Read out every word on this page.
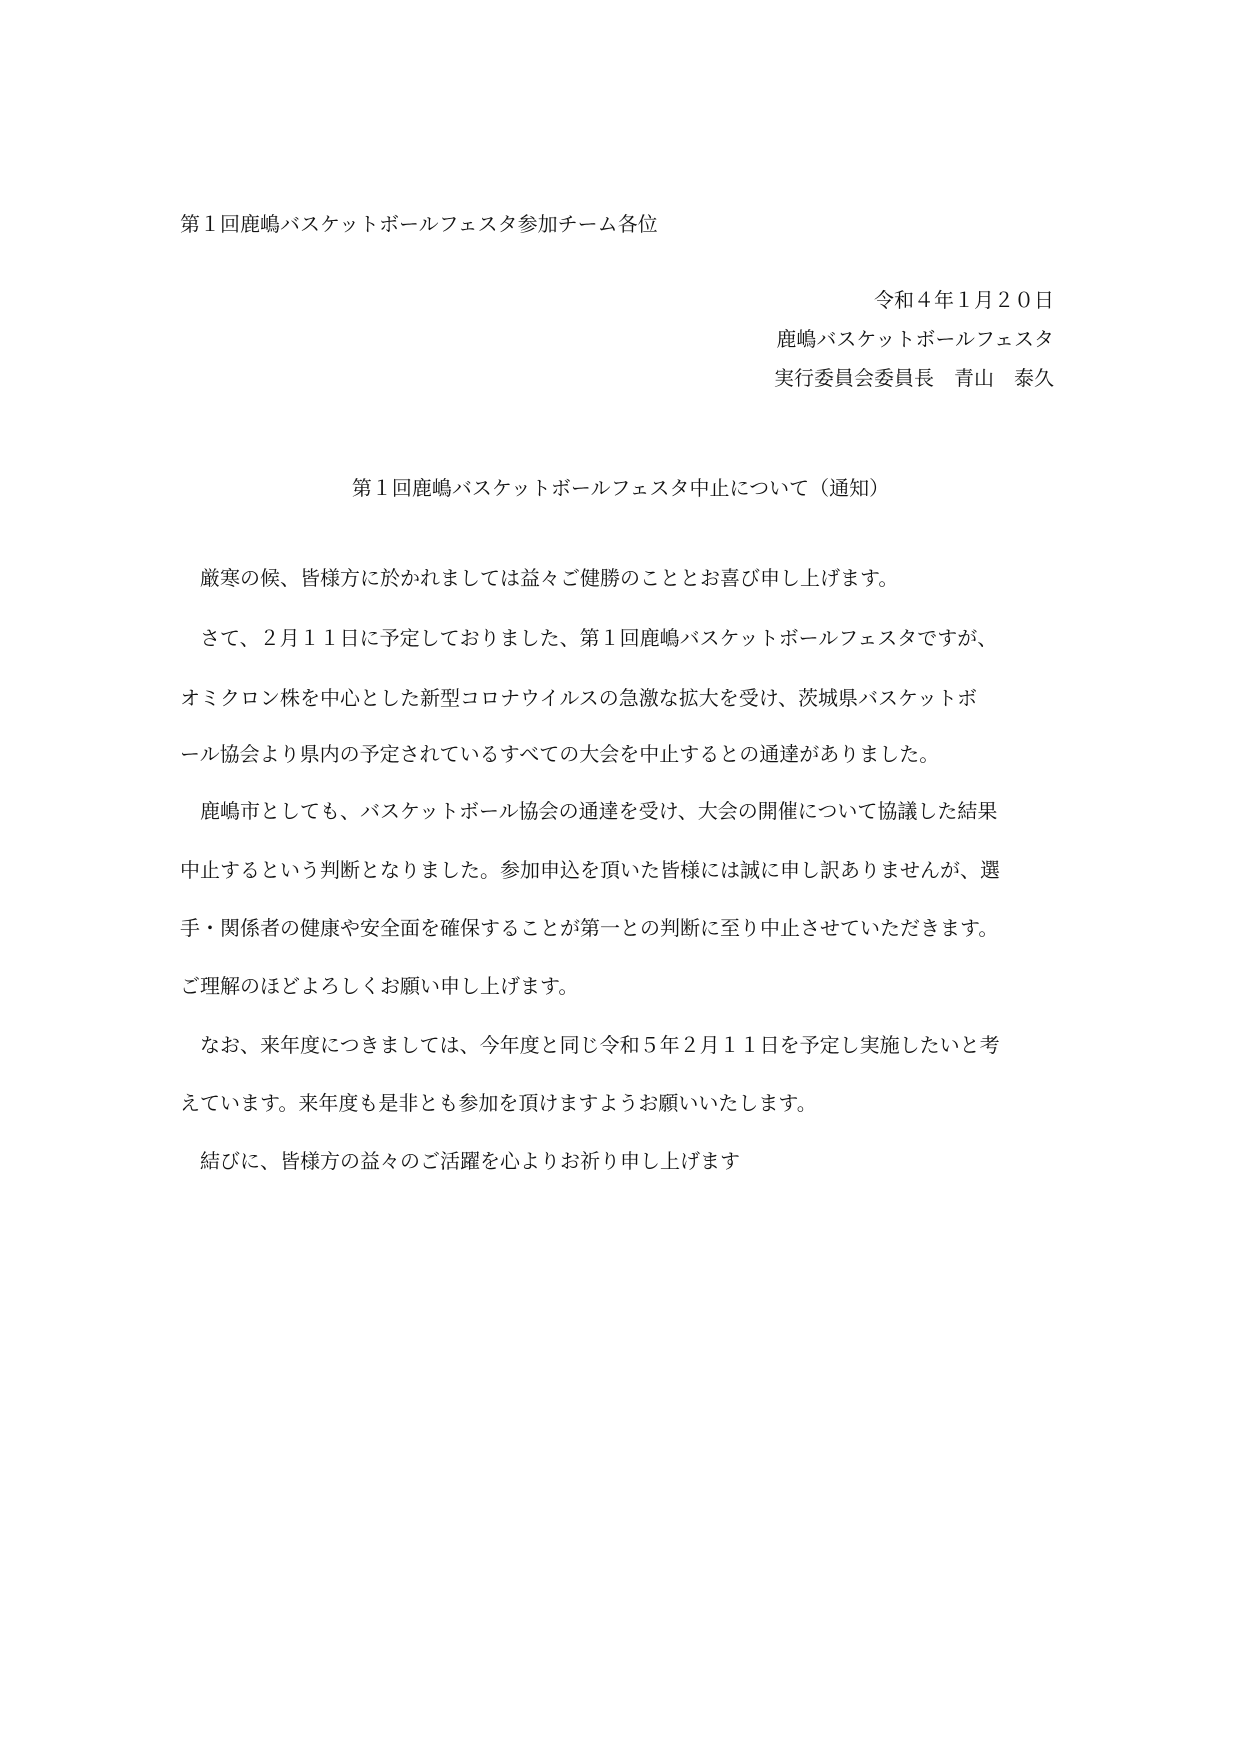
第１回鹿嶋バスケットボールフェスタ参加チーム各位

令和４年１月２０日

鹿嶋バスケットボールフェスタ

実行委員会委員長　青山　泰久

第１回鹿嶋バスケットボールフェスタ中止について（通知）

厳寒の候、皆様方に於かれましては益々ご健勝のこととお喜び申し上げます。

さて、２月１１日に予定しておりました、第１回鹿嶋バスケットボールフェスタですが、

オミクロン株を中心とした新型コロナウイルスの急激な拡大を受け、茨城県バスケットボ

ール協会より県内の予定されているすべての大会を中止するとの通達がありました。

鹿嶋市としても、バスケットボール協会の通達を受け、大会の開催について協議した結果

中止するという判断となりました。参加申込を頂いた皆様には誠に申し訳ありませんが、選

手・関係者の健康や安全面を確保することが第一との判断に至り中止させていただきます。

ご理解のほどよろしくお願い申し上げます。

なお、来年度につきましては、今年度と同じ令和５年２月１１日を予定し実施したいと考

えています。来年度も是非とも参加を頂けますようお願いいたします。

結びに、皆様方の益々のご活躍を心よりお祈り申し上げます
